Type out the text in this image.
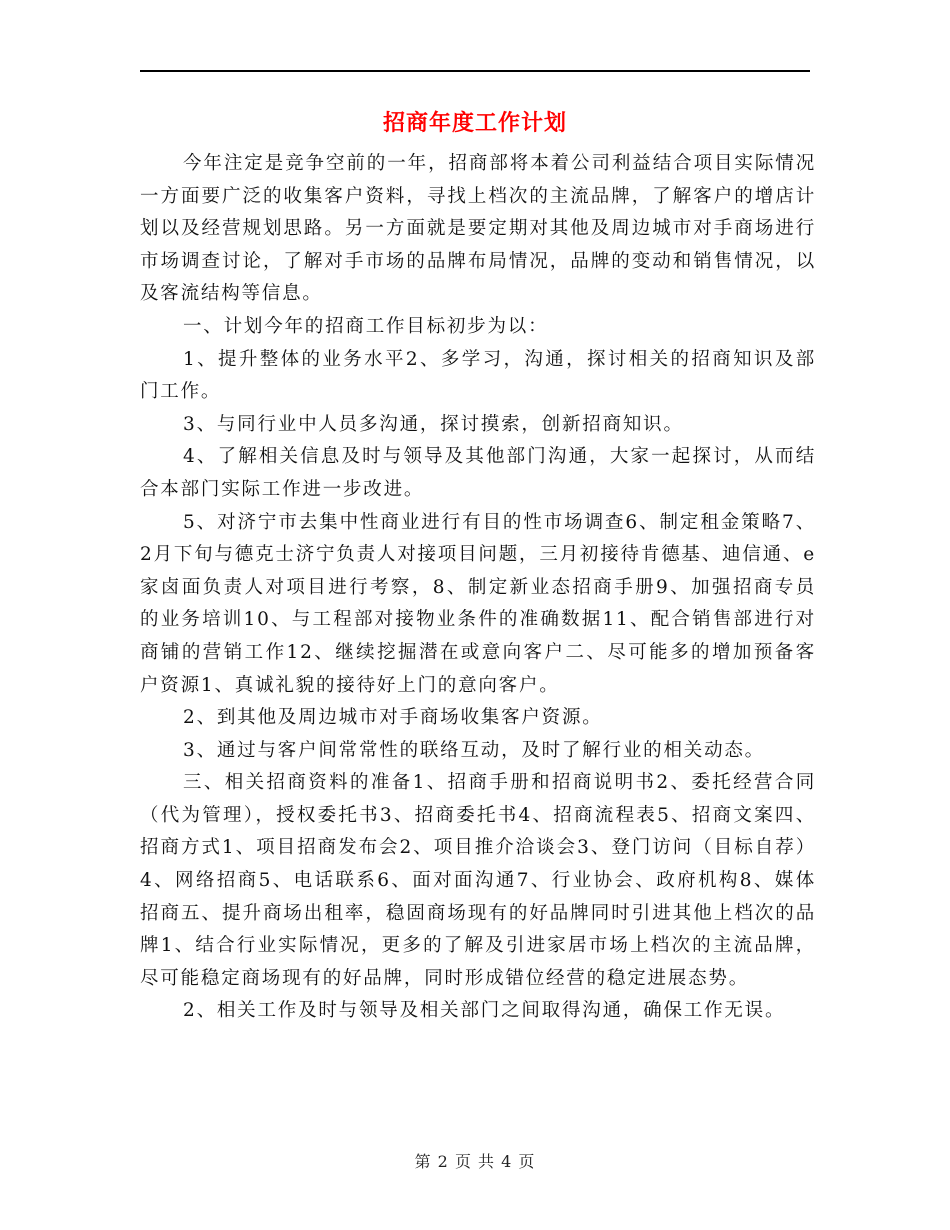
招商年度工作计划

今年注定是竞争空前的一年，招商部将本着公司利益结合项目实际情况一方面要广泛的收集客户资料，寻找上档次的主流品牌，了解客户的增店计划以及经营规划思路。另一方面就是要定期对其他及周边城市对手商场进行市场调查讨论，了解对手市场的品牌布局情况，品牌的变动和销售情况，以及客流结构等信息。

一、计划今年的招商工作目标初步为以：

1、提升整体的业务水平2、多学习，沟通，探讨相关的招商知识及部门工作。

3、与同行业中人员多沟通，探讨摸索，创新招商知识。

4、了解相关信息及时与领导及其他部门沟通，大家一起探讨，从而结合本部门实际工作进一步改进。

5、对济宁市去集中性商业进行有目的性市场调查6、制定租金策略7、2月下旬与德克士济宁负责人对接项目问题，三月初接待肯德基、迪信通、e家卤面负责人对项目进行考察，8、制定新业态招商手册9、加强招商专员的业务培训10、与工程部对接物业条件的准确数据11、配合销售部进行对商铺的营销工作12、继续挖掘潜在或意向客户二、尽可能多的增加预备客户资源1、真诚礼貌的接待好上门的意向客户。

2、到其他及周边城市对手商场收集客户资源。

3、通过与客户间常常性的联络互动，及时了解行业的相关动态。

三、相关招商资料的准备1、招商手册和招商说明书2、委托经营合同（代为管理），授权委托书3、招商委托书4、招商流程表5、招商文案四、招商方式1、项目招商发布会2、项目推介洽谈会3、登门访问（目标自荐）4、网络招商5、电话联系6、面对面沟通7、行业协会、政府机构8、媒体招商五、提升商场出租率，稳固商场现有的好品牌同时引进其他上档次的品牌1、结合行业实际情况，更多的了解及引进家居市场上档次的主流品牌，尽可能稳定商场现有的好品牌，同时形成错位经营的稳定进展态势。

2、相关工作及时与领导及相关部门之间取得沟通，确保工作无误。

第 2 页 共 4 页
